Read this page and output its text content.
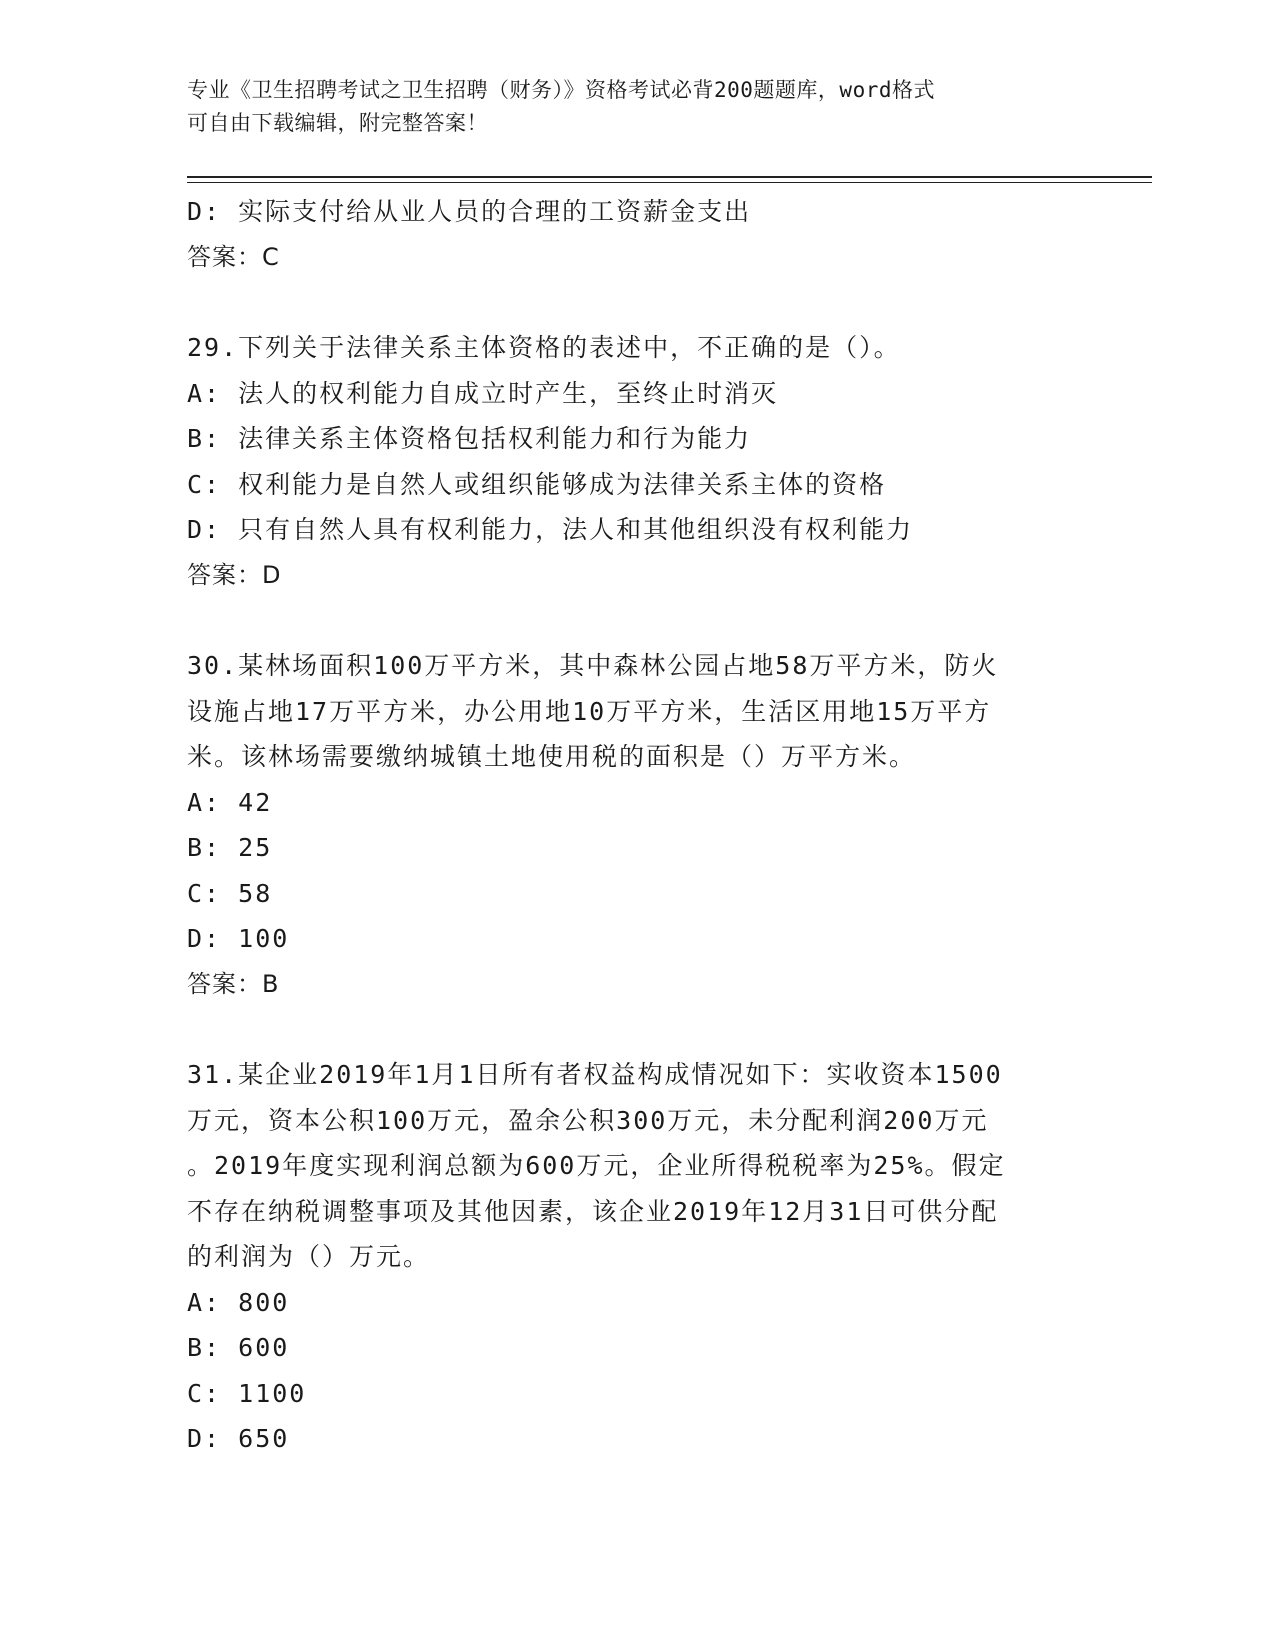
专业《卫生招聘考试之卫生招聘（财务）》资格考试必背200题题库，word格式
可自由下载编辑，附完整答案！
D: 实际支付给从业人员的合理的工资薪金支出
答案：C
29.下列关于法律关系主体资格的表述中，不正确的是（）。
A: 法人的权利能力自成立时产生，至终止时消灭
B: 法律关系主体资格包括权利能力和行为能力
C: 权利能力是自然人或组织能够成为法律关系主体的资格
D: 只有自然人具有权利能力，法人和其他组织没有权利能力
答案：D
30.某林场面积100万平方米，其中森林公园占地58万平方米，防火
设施占地17万平方米，办公用地10万平方米，生活区用地15万平方
米。该林场需要缴纳城镇土地使用税的面积是（）万平方米。
A: 42
B: 25
C: 58
D: 100
答案：B
31.某企业2019年1月1日所有者权益构成情况如下：实收资本1500
万元，资本公积100万元，盈余公积300万元，未分配利润200万元
。2019年度实现利润总额为600万元，企业所得税税率为25%。假定
不存在纳税调整事项及其他因素，该企业2019年12月31日可供分配
的利润为（）万元。
A: 800
B: 600
C: 1100
D: 650
